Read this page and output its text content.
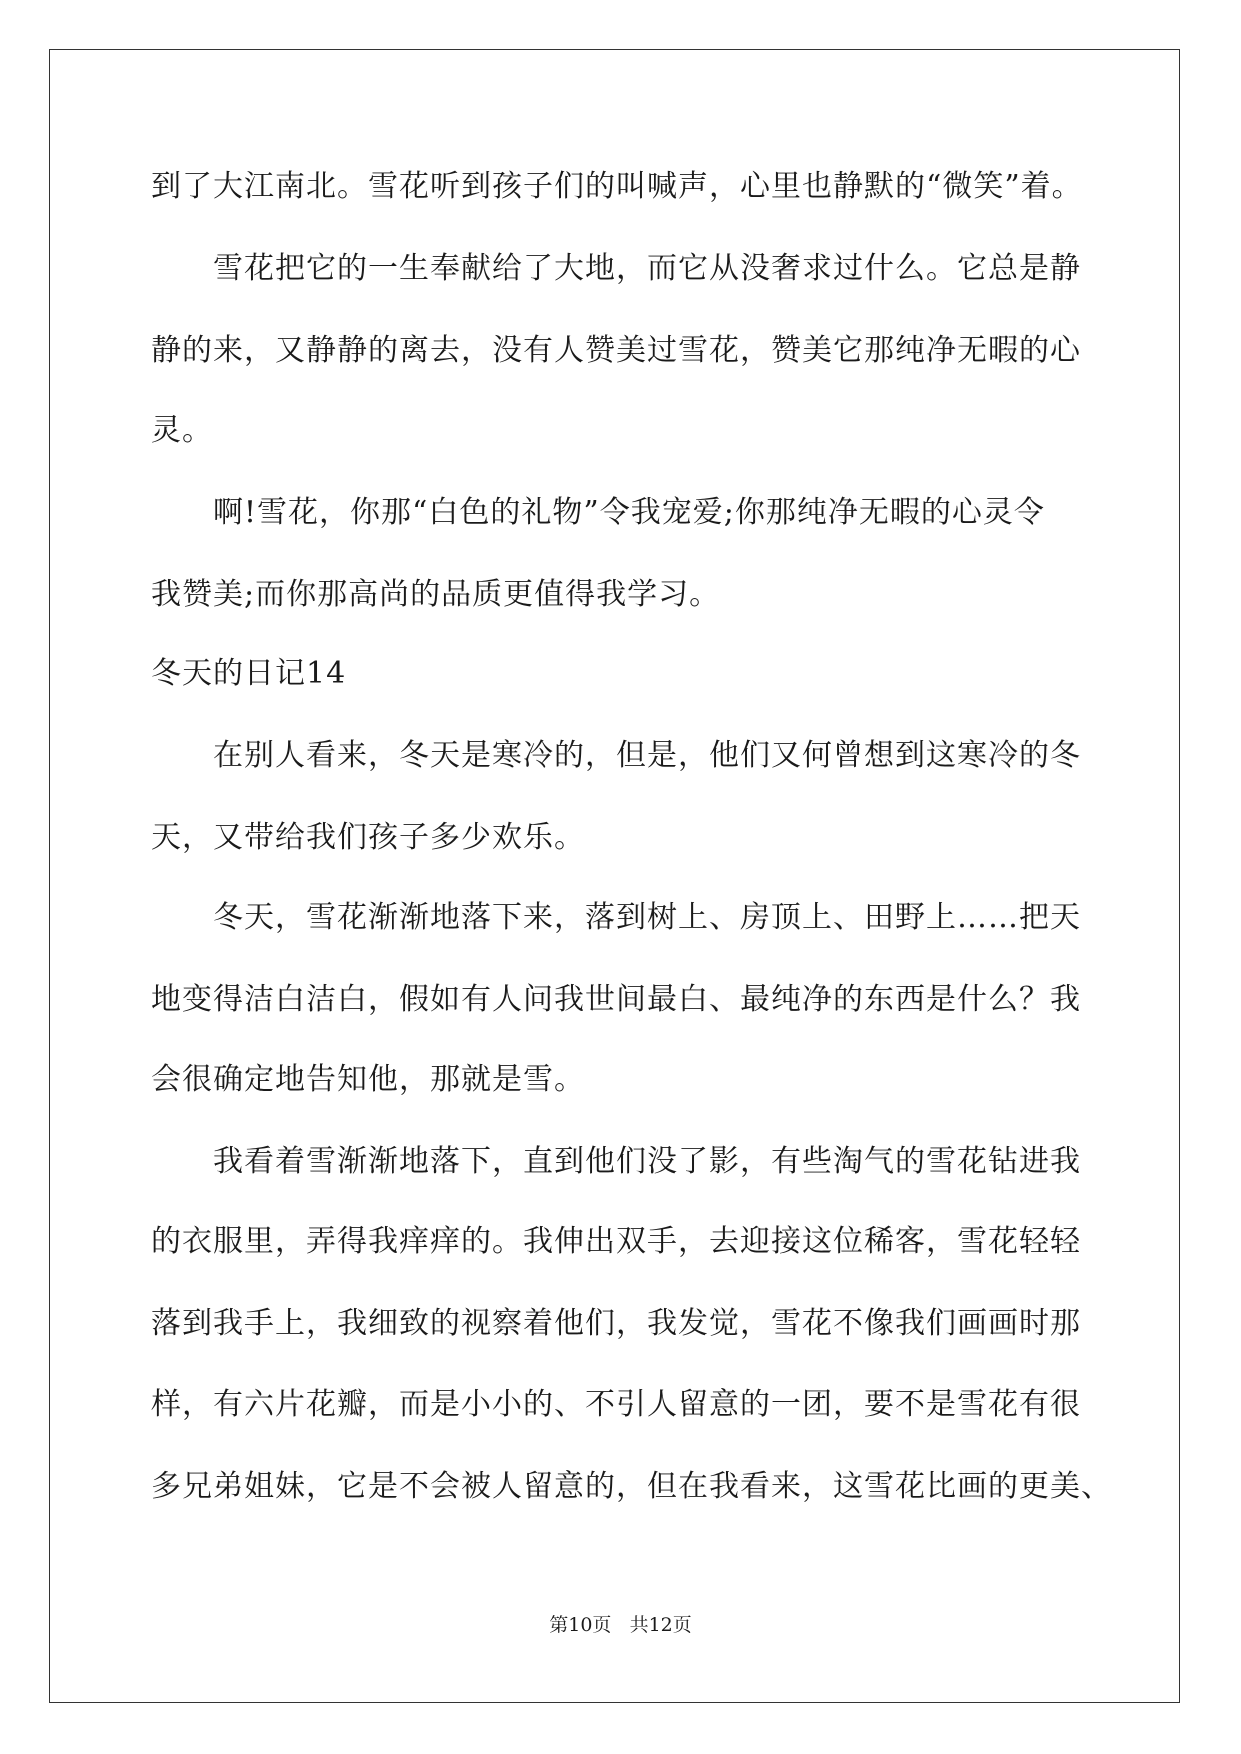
到了大江南北。雪花听到孩子们的叫喊声，心里也静默的“微笑”着。
雪花把它的一生奉献给了大地，而它从没奢求过什么。它总是静
静的来，又静静的离去，没有人赞美过雪花，赞美它那纯净无暇的心
灵。
啊!雪花，你那“白色的礼物”令我宠爱;你那纯净无暇的心灵令
我赞美;而你那高尚的品质更值得我学习。
冬天的日记14
在别人看来，冬天是寒冷的，但是，他们又何曾想到这寒冷的冬
天，又带给我们孩子多少欢乐。
冬天，雪花渐渐地落下来，落到树上、房顶上、田野上……把天
地变得洁白洁白，假如有人问我世间最白、最纯净的东西是什么？我
会很确定地告知他，那就是雪。
我看着雪渐渐地落下，直到他们没了影，有些淘气的雪花钻进我
的衣服里，弄得我痒痒的。我伸出双手，去迎接这位稀客，雪花轻轻
落到我手上，我细致的视察着他们，我发觉，雪花不像我们画画时那
样，有六片花瓣，而是小小的、不引人留意的一团，要不是雪花有很
多兄弟姐妹，它是不会被人留意的，但在我看来，这雪花比画的更美、
第10页 共12页
